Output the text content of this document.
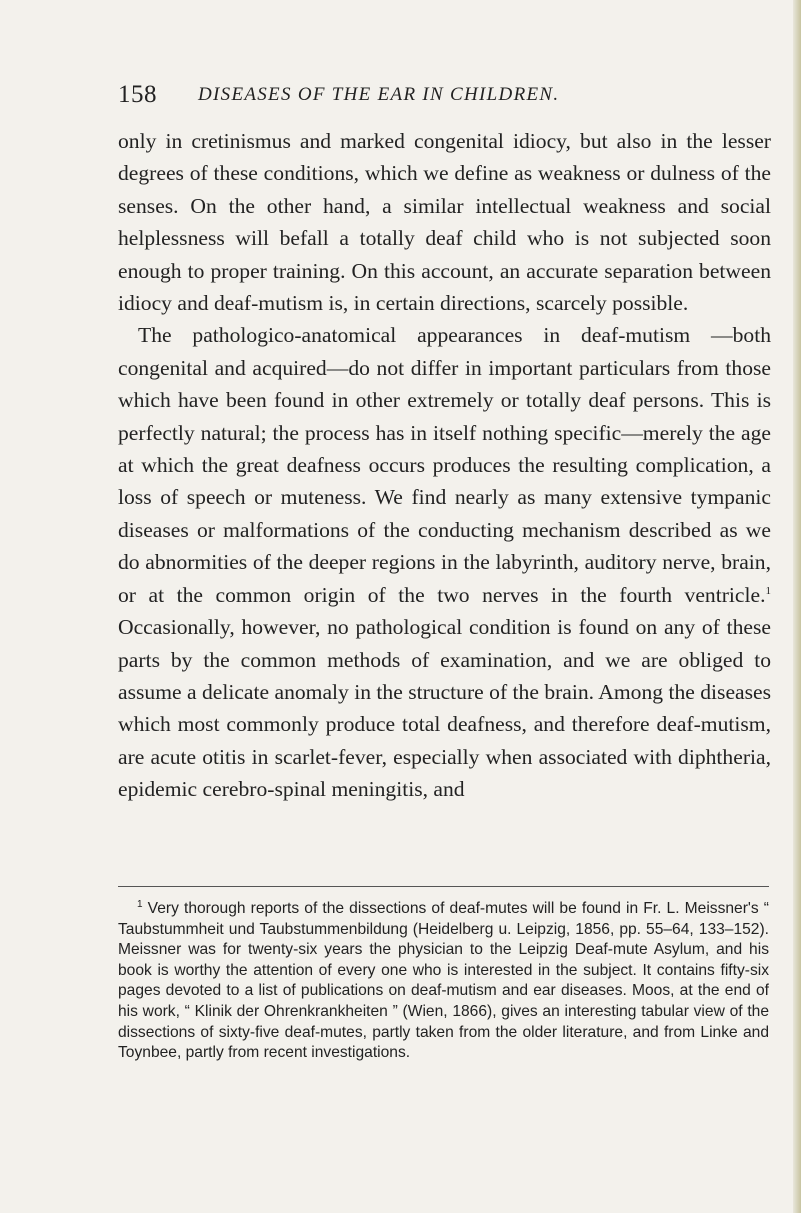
158 DISEASES OF THE EAR IN CHILDREN.

only in cretinismus and marked congenital idiocy, but also in the lesser degrees of these conditions, which we define as weakness or dulness of the senses. On the other hand, a similar intellectual weakness and social helplessness will befall a totally deaf child who is not subjected soon enough to proper training. On this account, an accurate separation between idiocy and deaf-mutism is, in certain directions, scarcely possible.

The pathologico-anatomical appearances in deaf-mutism —both congenital and acquired—do not differ in important particulars from those which have been found in other extremely or totally deaf persons. This is perfectly natural; the process has in itself nothing specific—merely the age at which the great deafness occurs produces the resulting complication, a loss of speech or muteness. We find nearly as many extensive tympanic diseases or malformations of the conducting mechanism described as we do abnormities of the deeper regions in the labyrinth, auditory nerve, brain, or at the common origin of the two nerves in the fourth ventricle.$^1$ Occasionally, however, no pathological condition is found on any of these parts by the common methods of examination, and we are obliged to assume a delicate anomaly in the structure of the brain. Among the diseases which most commonly produce total deafness, and therefore deaf-mutism, are acute otitis in scarlet-fever, especially when associated with diphtheria, epidemic cerebro-spinal meningitis, and

$^1$ Very thorough reports of the dissections of deaf-mutes will be found in Fr. L. Meissner's “ Taubstummheit und Taubstummenbildung (Heidelberg u. Leipzig, 1856, pp. 55–64, 133–152). Meissner was for twenty-six years the physician to the Leipzig Deaf-mute Asylum, and his book is worthy the attention of every one who is interested in the subject. It contains fifty-six pages devoted to a list of publications on deaf-mutism and ear diseases. Moos, at the end of his work, “ Klinik der Ohrenkrankheiten ” (Wien, 1866), gives an interesting tabular view of the dissections of sixty-five deaf-mutes, partly taken from the older literature, and from Linke and Toynbee, partly from recent investigations.
